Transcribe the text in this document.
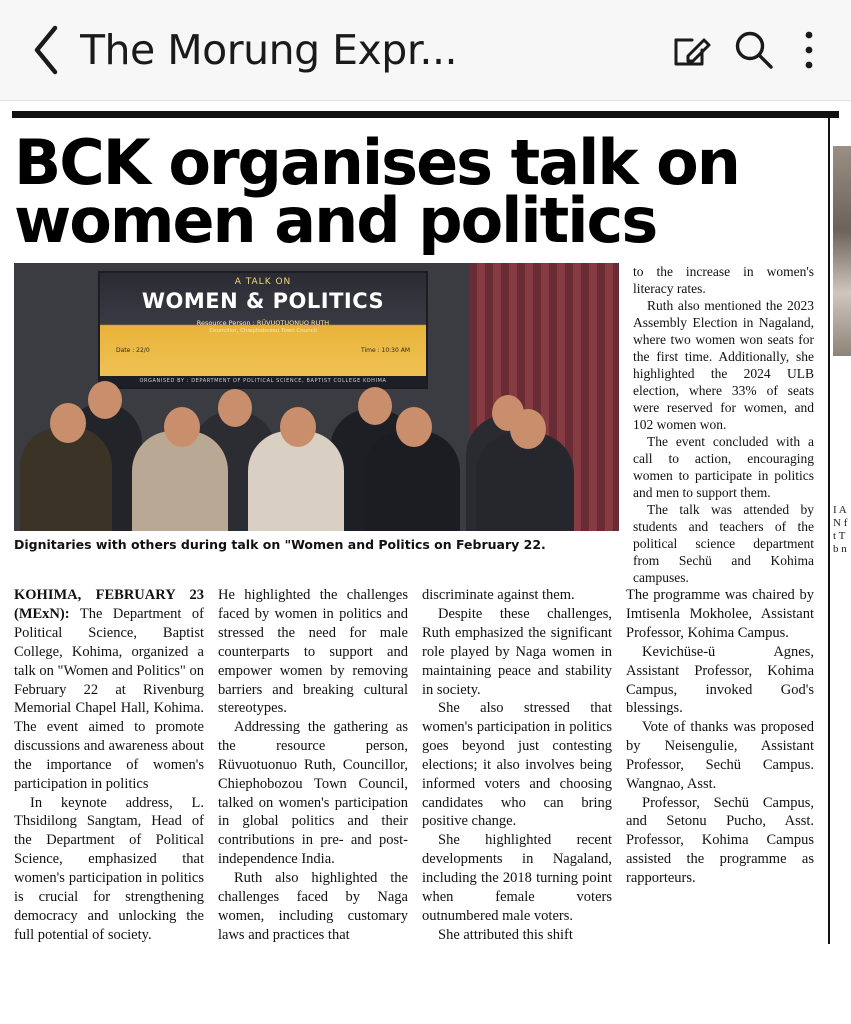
The Morung Expr...
BCK organises talk on women and politics
A TALK ON
WOMEN & POLITICS
Resource Person : RÜVUOTUONUO RUTH
Councillor, Chiephobozou Town Council
Date : 22/0	Time : 10:30 AM
ORGANISED BY : DEPARTMENT OF POLITICAL SCIENCE, BAPTIST COLLEGE KOHIMA
Dignitaries with others during talk on "Women and Politics on February 22.

to the increase in women's literacy rates.

Ruth also mentioned the 2023 Assembly Election in Nagaland, where two women won seats for the first time. Additionally, she highlighted the 2024 ULB election, where 33% of seats were reserved for women, and 102 women won.

The event concluded with a call to action, encouraging women to participate in politics and men to support them.

The talk was attended by students and teachers of the political science department from Sechü and Kohima campuses.

KOHIMA, FEBRUARY 23 (MExN): The Department of Political Science, Baptist College, Kohima, organized a talk on "Women and Politics" on February 22 at Rivenburg Memorial Chapel Hall, Kohima. The event aimed to promote discussions and awareness about the importance of women's participation in politics

In keynote address, L. Thsidilong Sangtam, Head of the Department of Political Science, emphasized that women's participation in politics is crucial for strengthening democracy and unlocking the full potential of society.

He highlighted the challenges faced by women in politics and stressed the need for male counterparts to support and empower women by removing barriers and breaking cultural stereotypes.

Addressing the gathering as the resource person, Rüvuotuonuo Ruth, Councillor, Chiephobozou Town Council, talked on women's participation in global politics and their contributions in pre- and post- independence India.

Ruth also highlighted the challenges faced by Naga women, including customary laws and practices that

discriminate against them.

Despite these challenges, Ruth emphasized the significant role played by Naga women in maintaining peace and stability in society.

She also stressed that women's participation in politics goes beyond just contesting elections; it also involves being informed voters and choosing candidates who can bring positive change.

She highlighted recent developments in Nagaland, including the 2018 turning point when female voters outnumbered male voters.

She attributed this shift

The programme was chaired by Imtisenla Mokholee, Assistant Professor, Kohima Campus.

Kevichüse-ü Agnes, Assistant Professor, Kohima Campus, invoked God's blessings.

Vote of thanks was proposed by Neisengulie, Assistant Professor, Sechü Campus. Wangnao, Asst.

Professor, Sechü Campus, and Setonu Pucho, Asst. Professor, Kohima Campus assisted the programme as rapporteurs.

I A N f t T b n
